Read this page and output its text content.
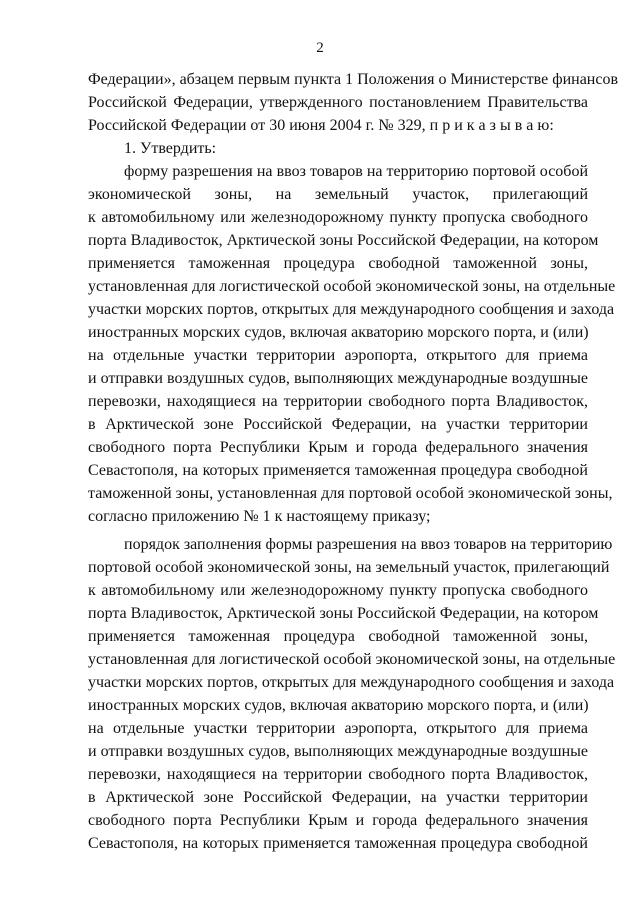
2
Федерации», абзацем первым пункта 1 Положения о Министерстве финансов
Российской Федерации, утвержденного постановлением Правительства
Российской Федерации от 30 июня 2004 г. № 329, п р и к а з ы в а ю:
1. Утвердить:
форму разрешения на ввоз товаров на территорию портовой особой
экономической зоны, на земельный участок, прилегающий
к автомобильному или железнодорожному пункту пропуска свободного
порта Владивосток, Арктической зоны Российской Федерации, на котором
применяется таможенная процедура свободной таможенной зоны,
установленная для логистической особой экономической зоны, на отдельные
участки морских портов, открытых для международного сообщения и захода
иностранных морских судов, включая акваторию морского порта, и (или)
на отдельные участки территории аэропорта, открытого для приема
и отправки воздушных судов, выполняющих международные воздушные
перевозки, находящиеся на территории свободного порта Владивосток,
в Арктической зоне Российской Федерации, на участки территории
свободного порта Республики Крым и города федерального значения
Севастополя, на которых применяется таможенная процедура свободной
таможенной зоны, установленная для портовой особой экономической зоны,
согласно приложению № 1 к настоящему приказу;
порядок заполнения формы разрешения на ввоз товаров на территорию
портовой особой экономической зоны, на земельный участок, прилегающий
к автомобильному или железнодорожному пункту пропуска свободного
порта Владивосток, Арктической зоны Российской Федерации, на котором
применяется таможенная процедура свободной таможенной зоны,
установленная для логистической особой экономической зоны, на отдельные
участки морских портов, открытых для международного сообщения и захода
иностранных морских судов, включая акваторию морского порта, и (или)
на отдельные участки территории аэропорта, открытого для приема
и отправки воздушных судов, выполняющих международные воздушные
перевозки, находящиеся на территории свободного порта Владивосток,
в Арктической зоне Российской Федерации, на участки территории
свободного порта Республики Крым и города федерального значения
Севастополя, на которых применяется таможенная процедура свободной
